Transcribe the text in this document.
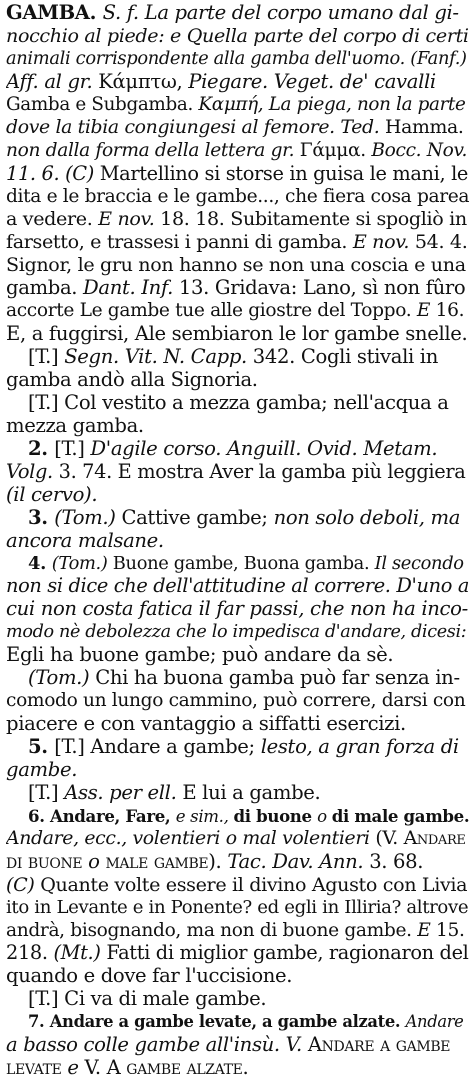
GAMBA. S. f. La parte del corpo umano dal gi-
nocchio al piede: e Quella parte del corpo di certi
animali corrispondente alla gamba dell'uomo. (Fanf.)
Aff. al gr. Κάμπτω, Piegare. Veget. de' cavalli
Gamba e Subgamba. Καμπή, La piega, non la parte
dove la tibia congiungesi al femore. Ted. Hamma.
non dalla forma della lettera gr. Γάμμα. Bocc. Nov.
11. 6. (C) Martellino si storse in guisa le mani, le
dita e le braccia e le gambe..., che fiera cosa parea
a vedere. E nov. 18. 18. Subitamente si spogliò in
farsetto, e trassesi i panni di gamba. E nov. 54. 4.
Signor, le gru non hanno se non una coscia e una
gamba. Dant. Inf. 13. Gridava: Lano, sì non fûro
accorte Le gambe tue alle giostre del Toppo. E 16.
E, a fuggirsi, Ale sembiaron le lor gambe snelle.
[T.] Segn. Vit. N. Capp. 342. Cogli stivali in
gamba andò alla Signoria.
[T.] Col vestito a mezza gamba; nell'acqua a
mezza gamba.
2. [T.] D'agile corso. Anguill. Ovid. Metam.
Volg. 3. 74. E mostra Aver la gamba più leggiera
(il cervo).
3. (Tom.) Cattive gambe; non solo deboli, ma
ancora malsane.
4. (Tom.) Buone gambe, Buona gamba. Il secondo
non si dice che dell'attitudine al correre. D'uno a
cui non costa fatica il far passi, che non ha inco-
modo nè debolezza che lo impedisca d'andare, dicesi:
Egli ha buone gambe; può andare da sè.
(Tom.) Chi ha buona gamba può far senza in-
comodo un lungo cammino, può correre, darsi con
piacere e con vantaggio a siffatti esercizi.
5. [T.] Andare a gambe; lesto, a gran forza di
gambe.
[T.] Ass. per ell. E lui a gambe.
6. Andare, Fare, e sim., di buone o di male gambe.
Andare, ecc., volentieri o mal volentieri (V. Andare
di buone o male gambe). Tac. Dav. Ann. 3. 68.
(C) Quante volte essere il divino Agusto con Livia
ito in Levante e in Ponente? ed egli in Illiria? altrove
andrà, bisognando, ma non di buone gambe. E 15.
218. (Mt.) Fatti di miglior gambe, ragionaron del
quando e dove far l'uccisione.
[T.] Ci va di male gambe.
7. Andare a gambe levate, a gambe alzate. Andare
a basso colle gambe all'insù. V. Andare a gambe
levate e V. A gambe alzate.
